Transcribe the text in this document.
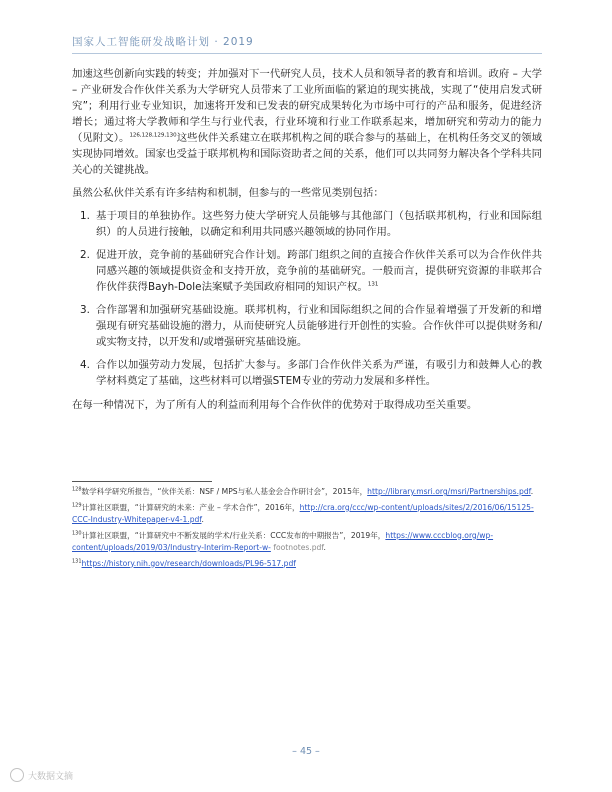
国家人工智能研发战略计划 · 2019

加速这些创新向实践的转变；并加强对下一代研究人员，技术人员和领导者的教育和培训。政府 – 大学 – 产业研发合作伙伴关系为大学研究人员带来了工业所面临的紧迫的现实挑战，实现了“使用启发式研究”；利用行业专业知识，加速将开发和已发表的研究成果转化为市场中可行的产品和服务，促进经济增长；通过将大学教师和学生与行业代表，行业环境和行业工作联系起来，增加研究和劳动力的能力（见附文）。$^{126,128,129,130}$这些伙伴关系建立在联邦机构之间的联合参与的基础上，在机构任务交叉的领域实现协同增效。国家也受益于联邦机构和国际资助者之间的关系，他们可以共同努力解决各个学科共同关心的关键挑战。

虽然公私伙伴关系有许多结构和机制，但参与的一些常见类别包括：

1. 基于项目的单独协作。这些努力使大学研究人员能够与其他部门（包括联邦机构，行业和国际组织）的人员进行接触，以确定和利用共同感兴趣领域的协同作用。
2. 促进开放，竞争前的基础研究合作计划。跨部门组织之间的直接合作伙伴关系可以为合作伙伴共同感兴趣的领域提供资金和支持开放，竞争前的基础研究。一般而言，提供研究资源的非联邦合作伙伴获得Bayh-Dole法案赋予美国政府相同的知识产权。$^{131}$
3. 合作部署和加强研究基础设施。联邦机构，行业和国际组织之间的合作显着增强了开发新的和增强现有研究基础设施的潜力，从而使研究人员能够进行开创性的实验。合作伙伴可以提供财务和/或实物支持，以开发和/或增强研究基础设施。
4. 合作以加强劳动力发展，包括扩大参与。多部门合作伙伴关系为严谨，有吸引力和鼓舞人心的教学材料奠定了基础，这些材料可以增强STEM专业的劳动力发展和多样性。

在每一种情况下，为了所有人的利益而利用每个合作伙伴的优势对于取得成功至关重要。

$^{128}$数学科学研究所报告，“伙伴关系：NSF / MPS与私人基金会合作研讨会”，2015年，http://library.msri.org/msri/Partnerships.pdf.
$^{129}$计算社区联盟，“计算研究的未来：产业 – 学术合作”，2016年，http://cra.org/ccc/wp-content/uploads/sites/2/2016/06/15125-CCC-Industry-Whitepaper-v4-1.pdf.
$^{130}$计算社区联盟，“计算研究中不断发展的学术/行业关系：CCC发布的中期报告”，2019年，https://www.cccblog.org/wp-content/uploads/2019/03/Industry-Interim-Report-w- footnotes.pdf.
$^{131}$https://history.nih.gov/research/downloads/PL96-517.pdf
– 45 –
大数据文摘
